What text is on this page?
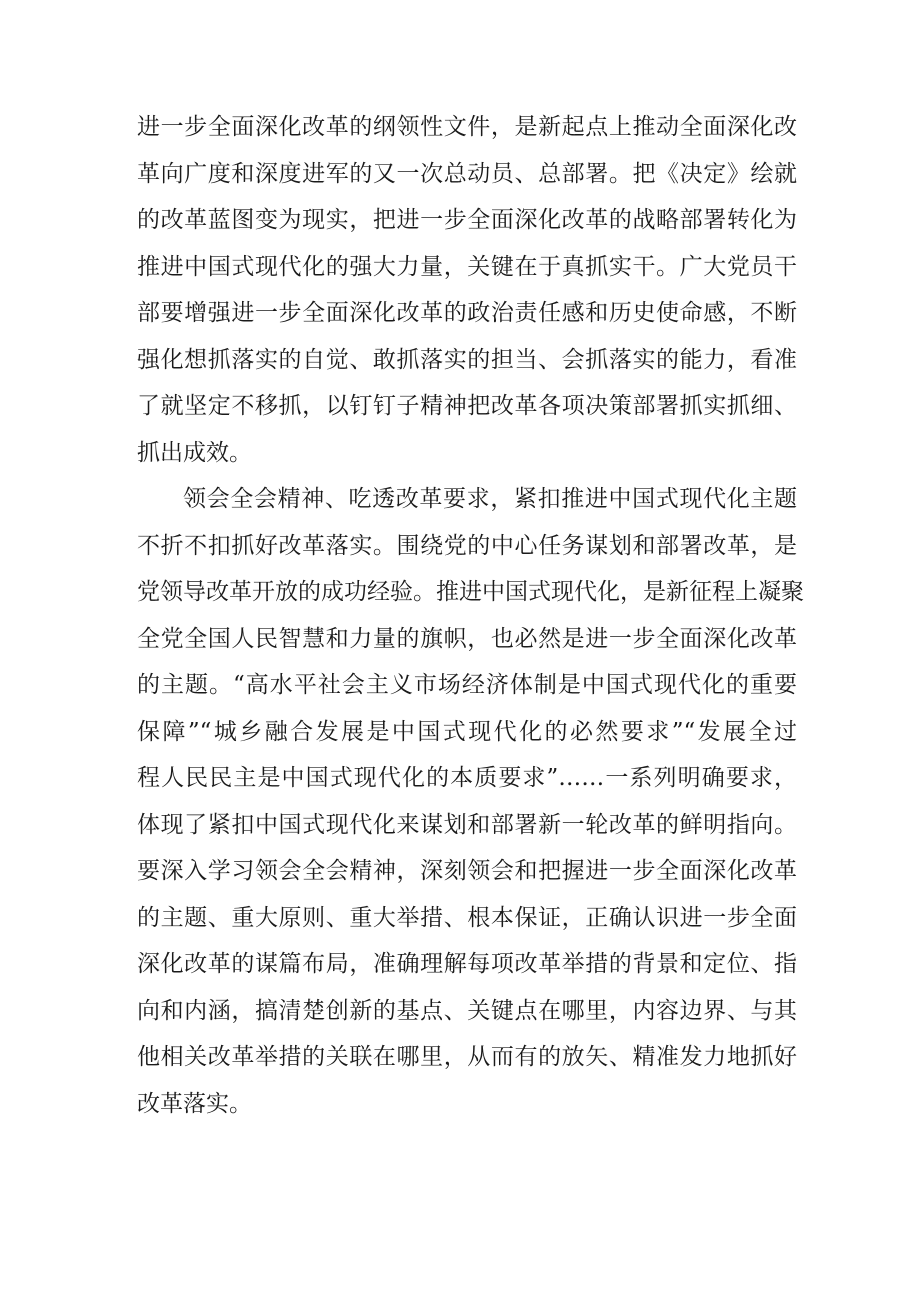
进一步全面深化改革的纲领性文件，是新起点上推动全面深化改
革向广度和深度进军的又一次总动员、总部署。把《决定》绘就
的改革蓝图变为现实，把进一步全面深化改革的战略部署转化为
推进中国式现代化的强大力量，关键在于真抓实干。广大党员干
部要增强进一步全面深化改革的政治责任感和历史使命感，不断
强化想抓落实的自觉、敢抓落实的担当、会抓落实的能力，看准
了就坚定不移抓，以钉钉子精神把改革各项决策部署抓实抓细、
抓出成效。
领会全会精神、吃透改革要求，紧扣推进中国式现代化主题
不折不扣抓好改革落实。围绕党的中心任务谋划和部署改革，是
党领导改革开放的成功经验。推进中国式现代化，是新征程上凝聚
全党全国人民智慧和力量的旗帜，也必然是进一步全面深化改革
的主题。“高水平社会主义市场经济体制是中国式现代化的重要
保障”“城乡融合发展是中国式现代化的必然要求”“发展全过
程人民民主是中国式现代化的本质要求”……一系列明确要求，
体现了紧扣中国式现代化来谋划和部署新一轮改革的鲜明指向。
要深入学习领会全会精神，深刻领会和把握进一步全面深化改革
的主题、重大原则、重大举措、根本保证，正确认识进一步全面
深化改革的谋篇布局，准确理解每项改革举措的背景和定位、指
向和内涵，搞清楚创新的基点、关键点在哪里，内容边界、与其
他相关改革举措的关联在哪里，从而有的放矢、精准发力地抓好
改革落实。
